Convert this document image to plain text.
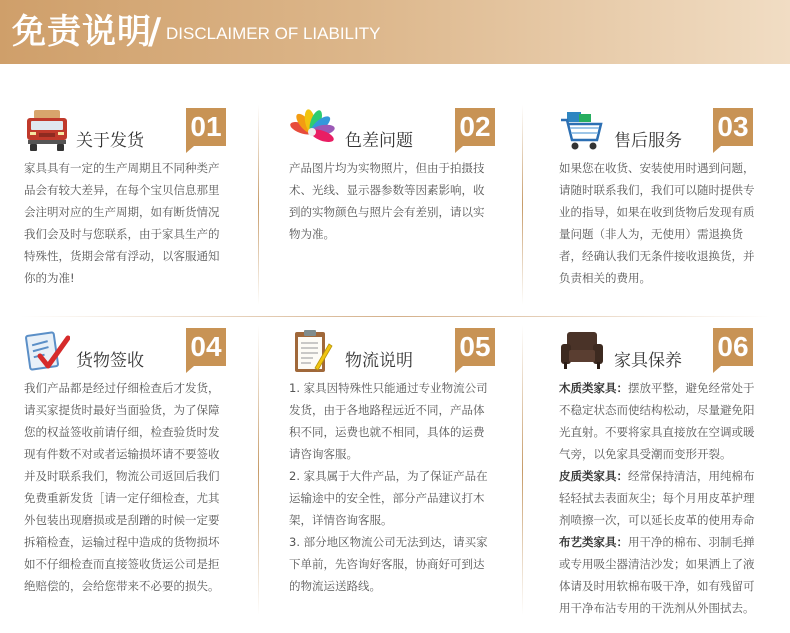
免责说明
/ DISCLAIMER OF LIABILITY
关于发货 01

家具具有一定的生产周期且不同种类产品会有较大差异，在每个宝贝信息那里会注明对应的生产周期，如有断货情况我们会及时与您联系，由于家具生产的特殊性，货期会常有浮动，以客服通知你的为准!

色差问题 02

产品图片均为实物照片，但由于拍摄技术、光线、显示器参数等因素影响，收到的实物颜色与照片会有差别，请以实物为准。

售后服务 03

如果您在收货、安装使用时遇到问题，请随时联系我们，我们可以随时提供专业的指导，如果在收到货物后发现有质量问题（非人为，无使用）需退换货者，经确认我们无条件接收退换货，并负责相关的费用。

货物签收 04

我们产品都是经过仔细检查后才发货，请买家提货时最好当面验货，为了保障您的权益签收前请仔细，检查验货时发现有件数不对或者运输损坏请不要签收并及时联系我们，物流公司返回后我们免费重新发货［请一定仔细检查，尤其外包装出现磨损或是刮蹭的时候一定要拆箱检查，运输过程中造成的货物损坏如不仔细检查而直接签收货运公司是拒绝赔偿的，会给您带来不必要的损失。

物流说明 05

1. 家具因特殊性只能通过专业物流公司发货，由于各地路程远近不同，产品体积不同，运费也就不相同，具体的运费请咨询客服。

2. 家具属于大件产品，为了保证产品在运输途中的安全性，部分产品建议打木架，详情咨询客服。

3. 部分地区物流公司无法到达，请买家下单前，先咨询好客服，协商好可到达的物流运送路线。

家具保养 06

木质类家具：摆放平整，避免经常处于不稳定状态而使结构松动，尽量避免阳光直射。不要将家具直接放在空调或暖气旁，以免家具受潮而变形开裂。

皮质类家具：经常保持清洁，用纯棉布轻轻拭去表面灰尘；每个月用皮革护理剂喷擦一次，可以延长皮革的使用寿命

布艺类家具：用干净的棉布、羽制毛掸或专用吸尘器清洁沙发；如果洒上了液体请及时用软棉布吸干净，如有残留可用干净布沾专用的干洗剂从外围拭去。
